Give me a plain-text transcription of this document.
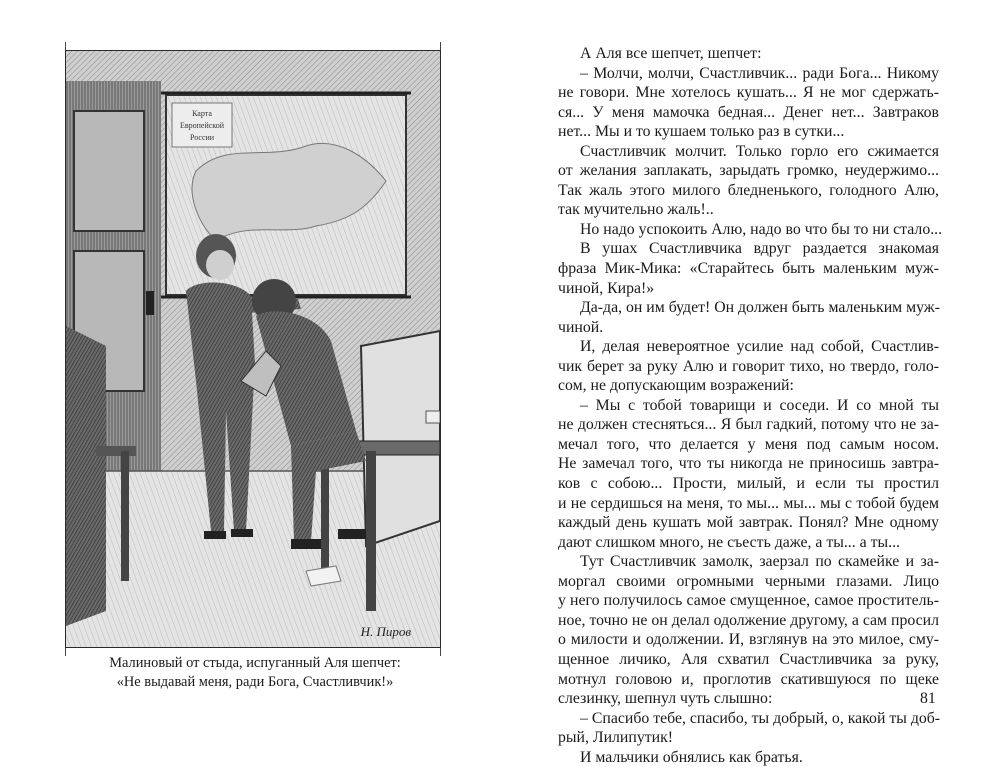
Карта
Европейской
России
Н. Пиров
Малиновый от стыда, испуганный Аля шепчет:
«Не выдавай меня, ради Бога, Счастливчик!»
А Аля все шепчет, шепчет:
– Молчи, молчи, Счастливчик... ради Бога... Никому
не говори. Мне хотелось кушать... Я не мог сдержать-
ся... У меня мамочка бедная... Денег нет... Завтраков
нет... Мы и то кушаем только раз в сутки...
Счастливчик молчит. Только горло его сжимается
от желания заплакать, зарыдать громко, неудержимо...
Так жаль этого милого бледненького, голодного Алю,
так мучительно жаль!..
Но надо успокоить Алю, надо во что бы то ни стало...
В ушах Счастливчика вдруг раздается знакомая
фраза Мик-Мика: «Старайтесь быть маленьким муж-
чиной, Кира!»
Да-да, он им будет! Он должен быть маленьким муж-
чиной.
И, делая невероятное усилие над собой, Счастлив-
чик берет за руку Алю и говорит тихо, но твердо, голо-
сом, не допускающим возражений:
– Мы с тобой товарищи и соседи. И со мной ты
не должен стесняться... Я был гадкий, потому что не за-
мечал того, что делается у меня под самым носом.
Не замечал того, что ты никогда не приносишь завтра-
ков с собою... Прости, милый, и если ты простил
и не сердишься на меня, то мы... мы... мы с тобой будем
каждый день кушать мой завтрак. Понял? Мне одному
дают слишком много, не съесть даже, а ты... а ты...
Тут Счастливчик замолк, заерзал по скамейке и за-
моргал своими огромными черными глазами. Лицо
у него получилось самое смущенное, самое проститель-
ное, точно не он делал одолжение другому, а сам просил
о милости и одолжении. И, взглянув на это милое, сму-
щенное личико, Аля схватил Счастливчика за руку,
мотнул головою и, проглотив скатившуюся по щеке
слезинку, шепнул чуть слышно:
– Спасибо тебе, спасибо, ты добрый, о, какой ты доб-
рый, Лилипутик!
И мальчики обнялись как братья.
81
